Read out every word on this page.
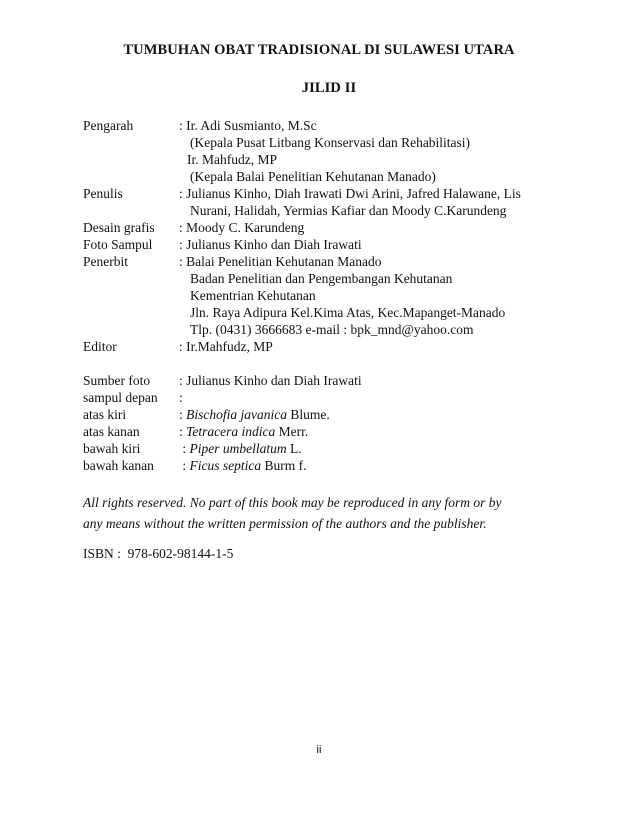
TUMBUHAN OBAT TRADISIONAL DI SULAWESI UTARA
JILID II
Pengarah	: Ir. Adi Susmianto, M.Sc
(Kepala Pusat Litbang Konservasi dan Rehabilitasi)
Ir. Mahfudz, MP
(Kepala Balai Penelitian Kehutanan Manado)
Penulis	: Julianus Kinho, Diah Irawati Dwi Arini, Jafred Halawane, Lis
Nurani, Halidah, Yermias Kafiar dan Moody C.Karundeng
Desain grafis : Moody C. Karundeng
Foto Sampul : Julianus Kinho dan Diah Irawati
Penerbit	: Balai Penelitian Kehutanan Manado
Badan Penelitian dan Pengembangan Kehutanan
Kementrian Kehutanan
Jln. Raya Adipura Kel.Kima Atas, Kec.Mapanget-Manado
Tlp. (0431) 3666683 e-mail : bpk_mnd@yahoo.com
Editor	: Ir.Mahfudz, MP
Sumber foto : Julianus Kinho dan Diah Irawati
sampul depan :
atas kiri	: Bischofia javanica Blume.
atas kanan	: Tetracera indica Merr.
bawah kiri	: Piper umbellatum L.
bawah kanan : Ficus septica Burm f.
All rights reserved. No part of this book may be reproduced in any form or by
any means without the written permission of the authors and the publisher.
ISBN :  978-602-98144-1-5
ii
